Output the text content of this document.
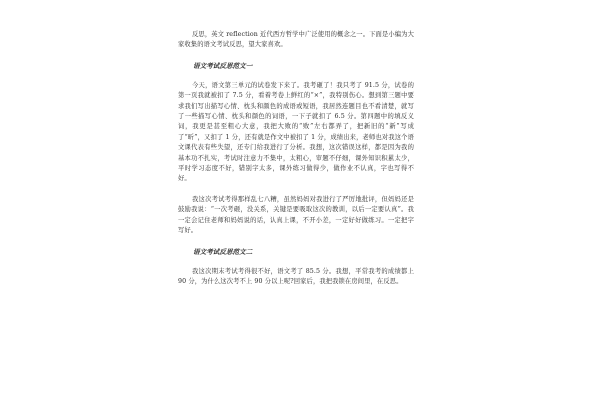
反思，英文 reflection 近代西方哲学中广泛使用的概念之一。下面是小编为大家收集的语文考试反思，望大家喜欢。

语文考试反思范文一

今天，语文第三单元的试卷发下来了。我考砸了！我只考了 91.5 分，试卷的第一页我就被扣了 7.5 分，看着考卷上鲜红的“×”，我特别伤心。想到第三题中要求我们写出描写心情、枕头和颜色的成语或短语，我居然连题目也不看清楚，就写了一些描写心情、枕头和颜色的词语，一下子就扣了 6.5 分。第四题中的填反义词，我更是甚至粗心大意，我把大败的“败”左右都弄了，把新旧的“新”写成了“昕”，又扣了 1 分，还有就是作文中被扣了 1 分，成绩出来，老师也对我这个语文课代表有些失望，还专门给我进行了分析。我想，这次错误这样，都是因为我的基本功不扎实，考试时注意力不集中，太粗心，审题不仔细，课外知识积累太少，平时学习态度不好，错别字太多，课外练习做得少，做作业不认真，字也写得不好。

我这次考试考得那样乱七八糟，虽然妈妈对我进行了严厉地批评，但妈妈还是鼓励我说：“一次考砸，没关系，关键是要吸取这次的教训，以后一定要认真”。我一定会记住老师和妈妈说的话，认真上课，不开小差，一定好好做练习。一定把字写好。

语文考试反思范文二

我这次期末考试考得很不好，语文考了 85.5 分。我想，平常我考的成绩都上 90 分，为什么这次考不上 90 分以上呢?回家后，我把我锁在房间里，在反思。
